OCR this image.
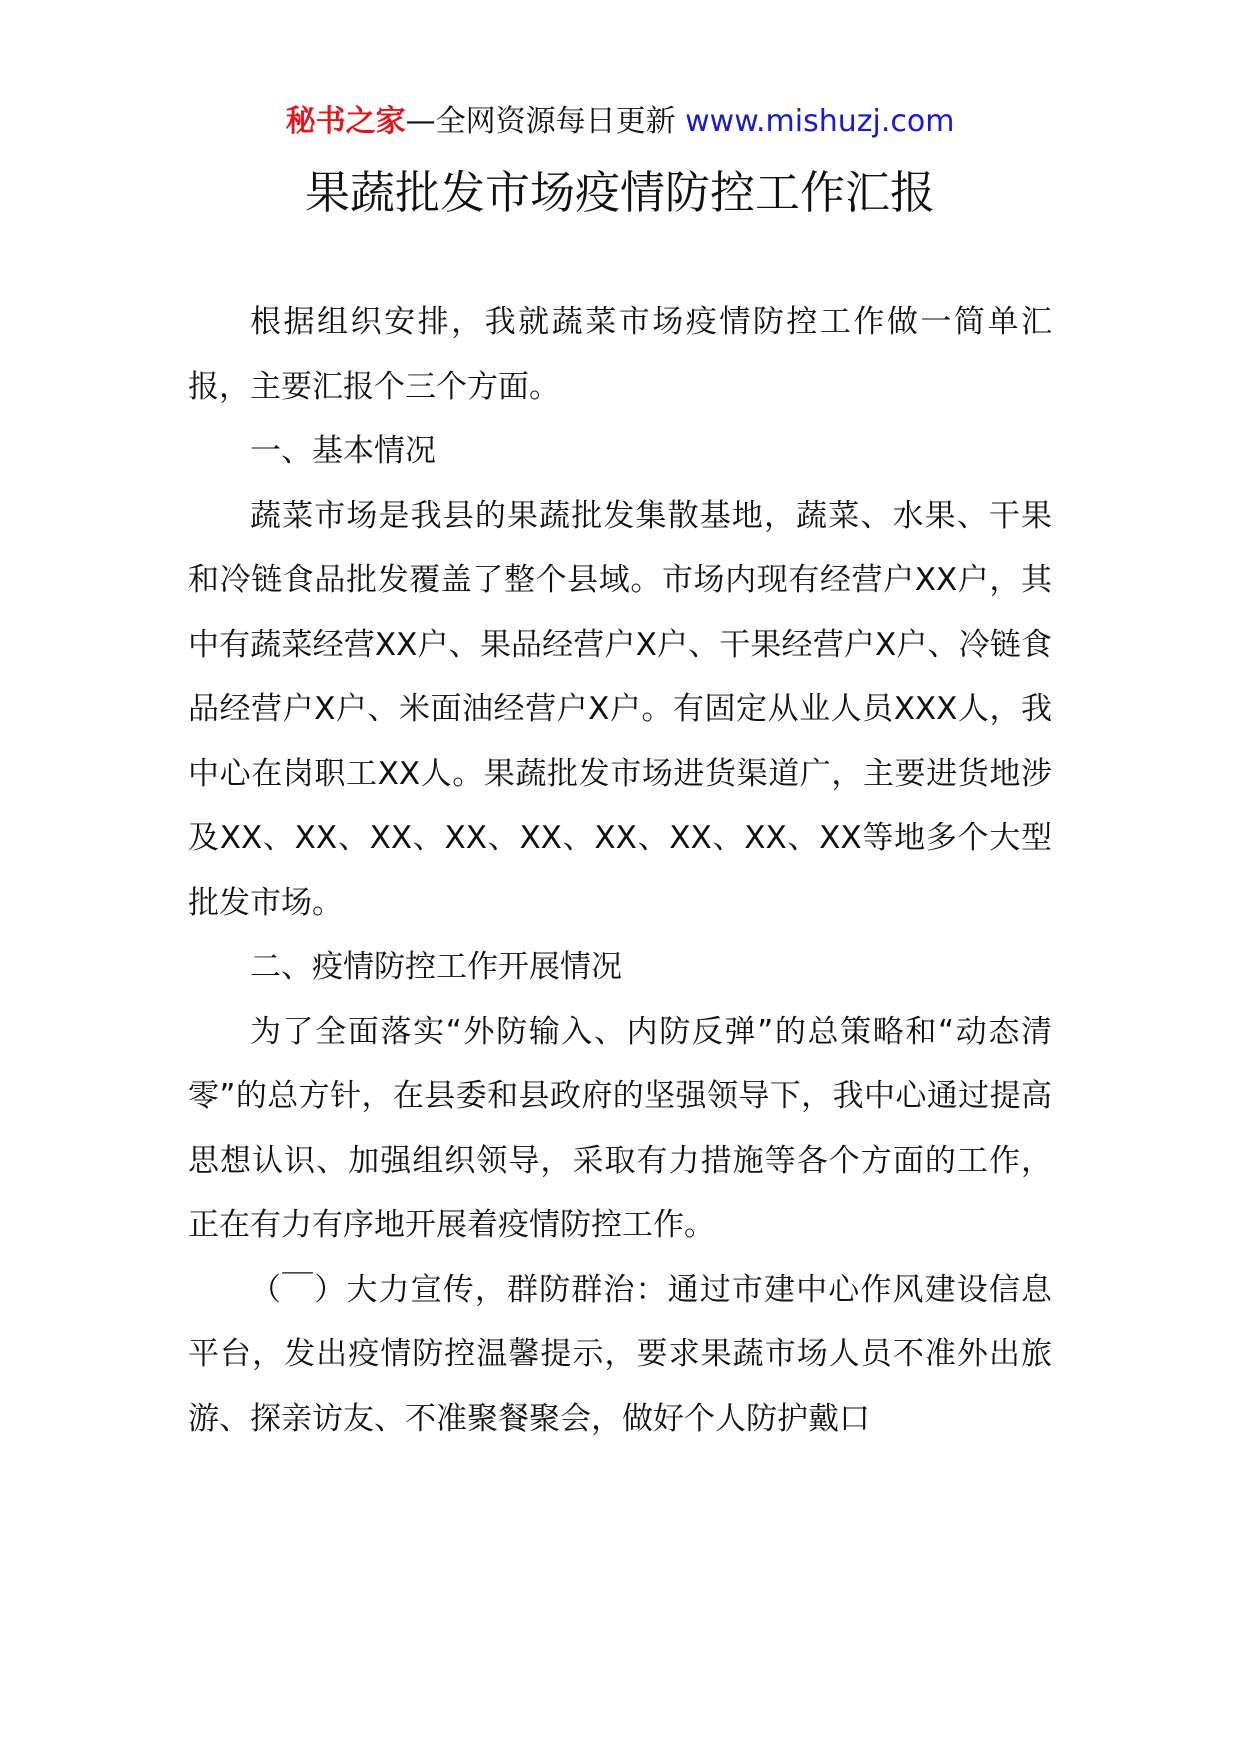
秘书之家—全网资源每日更新 www.mishuzj.com
果蔬批发市场疫情防控工作汇报

根据组织安排，我就蔬菜市场疫情防控工作做一简单汇报，主要汇报个三个方面。

一、基本情况

蔬菜市场是我县的果蔬批发集散基地，蔬菜、水果、干果和冷链食品批发覆盖了整个县域。市场内现有经营户XX户，其中有蔬菜经营XX户、果品经营户X户、干果经营户X户、冷链食品经营户X户、米面油经营户X户。有固定从业人员XXX人，我中心在岗职工XX人。果蔬批发市场进货渠道广，主要进货地涉及XX、XX、XX、XX、XX、XX、XX、XX、XX等地多个大型批发市场。

二、疫情防控工作开展情况

为了全面落实“外防输入、内防反弹”的总策略和“动态清零”的总方针，在县委和县政府的坚强领导下，我中心通过提高思想认识、加强组织领导，采取有力措施等各个方面的工作，正在有力有序地开展着疫情防控工作。

（￣）大力宣传，群防群治：通过市建中心作风建设信息平台，发出疫情防控温馨提示，要求果蔬市场人员不准外出旅游、探亲访友、不准聚餐聚会，做好个人防护戴口
